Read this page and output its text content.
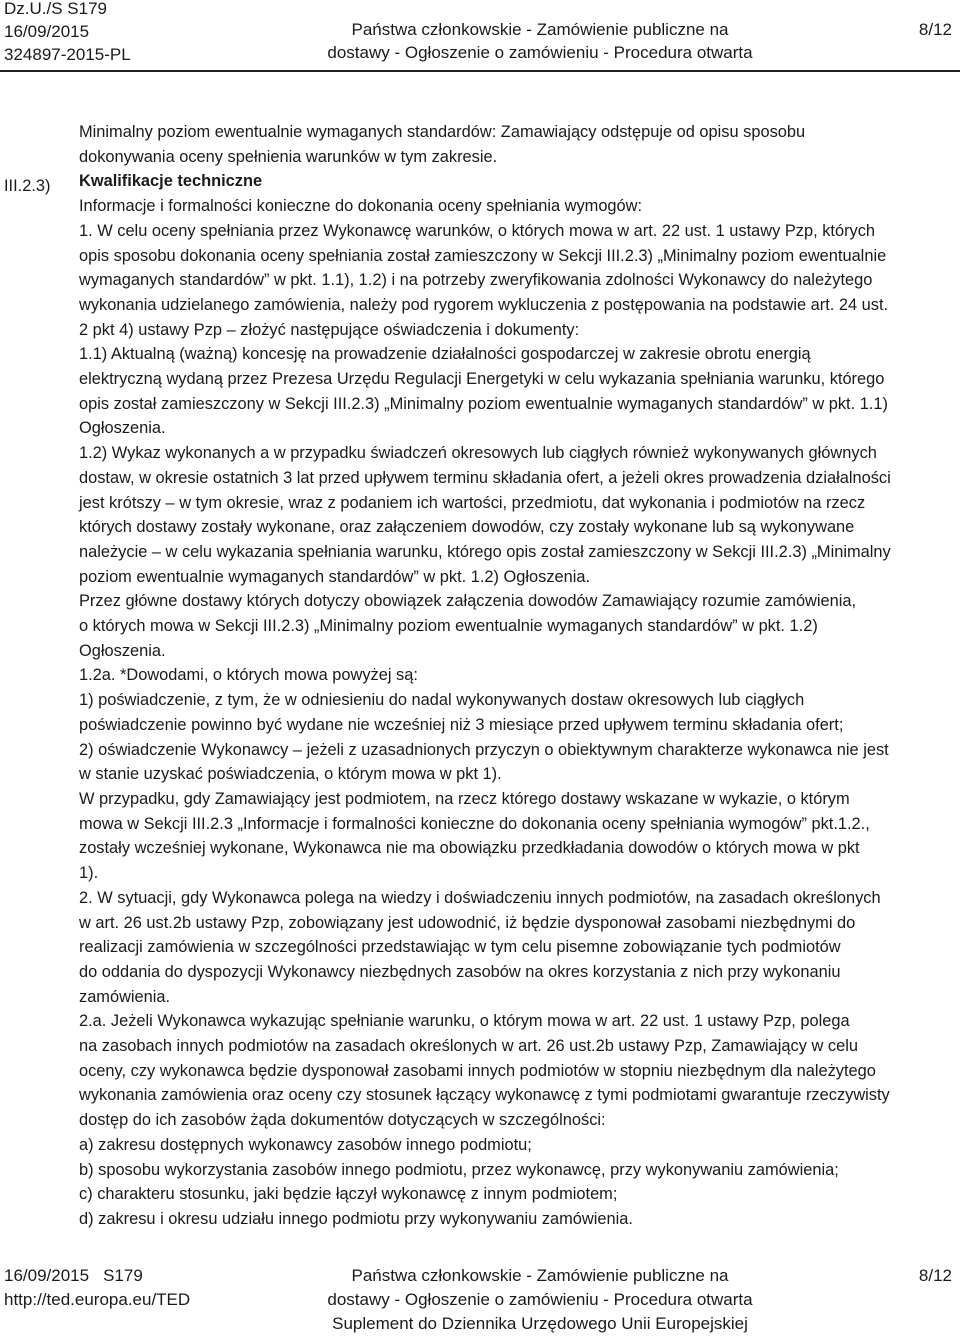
Dz.U./S S179
16/09/2015
324897-2015-PL
Państwa członkowskie - Zamówienie publiczne na
dostawy - Ogłoszenie o zamówieniu - Procedura otwarta
8/12
III.2.3)

Minimalny poziom ewentualnie wymaganych standardów: Zamawiający odstępuje od opisu sposobu

dokonywania oceny spełnienia warunków w tym zakresie.

Kwalifikacje techniczne

Informacje i formalności konieczne do dokonania oceny spełniania wymogów:

1. W celu oceny spełniania przez Wykonawcę warunków, o których mowa w art. 22 ust. 1 ustawy Pzp, których

opis sposobu dokonania oceny spełniania został zamieszczony w Sekcji III.2.3) „Minimalny poziom ewentualnie

wymaganych standardów” w pkt. 1.1), 1.2) i na potrzeby zweryfikowania zdolności Wykonawcy do należytego

wykonania udzielanego zamówienia, należy pod rygorem wykluczenia z postępowania na podstawie art. 24 ust.

2 pkt 4) ustawy Pzp – złożyć następujące oświadczenia i dokumenty:

1.1) Aktualną (ważną) koncesję na prowadzenie działalności gospodarczej w zakresie obrotu energią

elektryczną wydaną przez Prezesa Urzędu Regulacji Energetyki w celu wykazania spełniania warunku, którego

opis został zamieszczony w Sekcji III.2.3) „Minimalny poziom ewentualnie wymaganych standardów” w pkt. 1.1)

Ogłoszenia.

1.2) Wykaz wykonanych a w przypadku świadczeń okresowych lub ciągłych również wykonywanych głównych

dostaw, w okresie ostatnich 3 lat przed upływem terminu składania ofert, a jeżeli okres prowadzenia działalności

jest krótszy – w tym okresie, wraz z podaniem ich wartości, przedmiotu, dat wykonania i podmiotów na rzecz

których dostawy zostały wykonane, oraz załączeniem dowodów, czy zostały wykonane lub są wykonywane

należycie – w celu wykazania spełniania warunku, którego opis został zamieszczony w Sekcji III.2.3) „Minimalny

poziom ewentualnie wymaganych standardów” w pkt. 1.2) Ogłoszenia.

Przez główne dostawy których dotyczy obowiązek załączenia dowodów Zamawiający rozumie zamówienia,

o których mowa w Sekcji III.2.3) „Minimalny poziom ewentualnie wymaganych standardów” w pkt. 1.2)

Ogłoszenia.

1.2a. *Dowodami, o których mowa powyżej są:

1) poświadczenie, z tym, że w odniesieniu do nadal wykonywanych dostaw okresowych lub ciągłych

poświadczenie powinno być wydane nie wcześniej niż 3 miesiące przed upływem terminu składania ofert;

2) oświadczenie Wykonawcy – jeżeli z uzasadnionych przyczyn o obiektywnym charakterze wykonawca nie jest

w stanie uzyskać poświadczenia, o którym mowa w pkt 1).

W przypadku, gdy Zamawiający jest podmiotem, na rzecz którego dostawy wskazane w wykazie, o którym

mowa w Sekcji III.2.3 „Informacje i formalności konieczne do dokonania oceny spełniania wymogów” pkt.1.2.,

zostały wcześniej wykonane, Wykonawca nie ma obowiązku przedkładania dowodów o których mowa w pkt

1).

2. W sytuacji, gdy Wykonawca polega na wiedzy i doświadczeniu innych podmiotów, na zasadach określonych

w art. 26 ust.2b ustawy Pzp, zobowiązany jest udowodnić, iż będzie dysponował zasobami niezbędnymi do

realizacji zamówienia w szczególności przedstawiając w tym celu pisemne zobowiązanie tych podmiotów

do oddania do dyspozycji Wykonawcy niezbędnych zasobów na okres korzystania z nich przy wykonaniu

zamówienia.

2.a. Jeżeli Wykonawca wykazując spełnianie warunku, o którym mowa w art. 22 ust. 1 ustawy Pzp, polega

na zasobach innych podmiotów na zasadach określonych w art. 26 ust.2b ustawy Pzp, Zamawiający w celu

oceny, czy wykonawca będzie dysponował zasobami innych podmiotów w stopniu niezbędnym dla należytego

wykonania zamówienia oraz oceny czy stosunek łączący wykonawcę z tymi podmiotami gwarantuje rzeczywisty

dostęp do ich zasobów żąda dokumentów dotyczących w szczególności:

a) zakresu dostępnych wykonawcy zasobów innego podmiotu;

b) sposobu wykorzystania zasobów innego podmiotu, przez wykonawcę, przy wykonywaniu zamówienia;

c) charakteru stosunku, jaki będzie łączył wykonawcę z innym podmiotem;

d) zakresu i okresu udziału innego podmiotu przy wykonywaniu zamówienia.

16/09/2015 S179
http://ted.europa.eu/TED
Państwa członkowskie - Zamówienie publiczne na
dostawy - Ogłoszenie o zamówieniu - Procedura otwarta
Suplement do Dziennika Urzędowego Unii Europejskiej
8/12
